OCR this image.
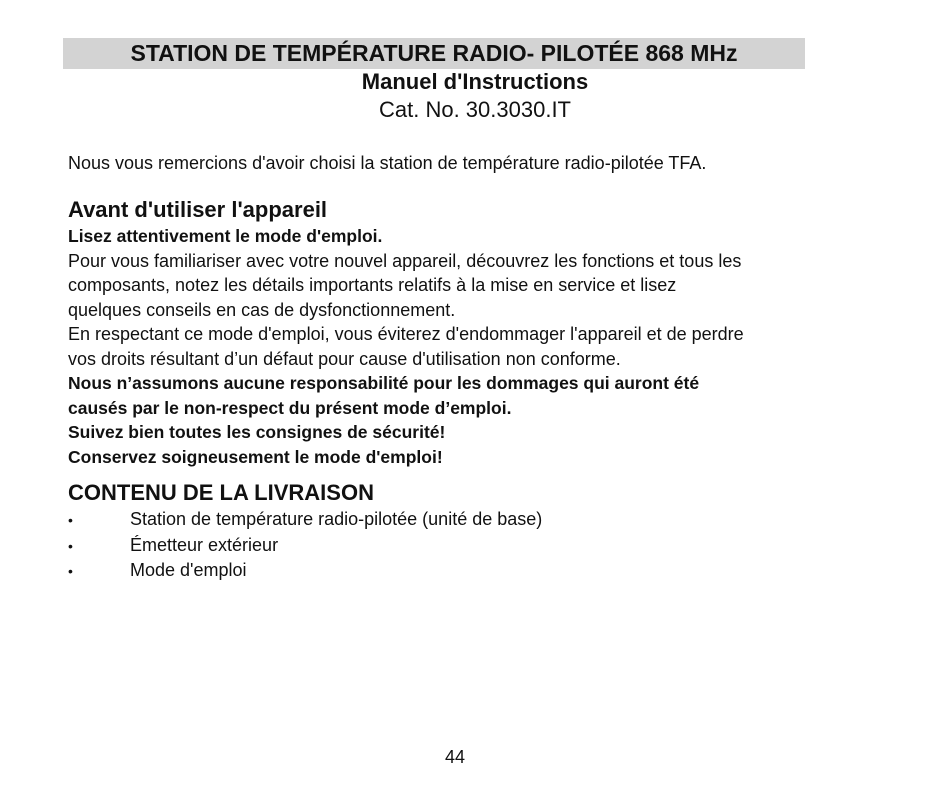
STATION DE TEMPÉRATURE RADIO- PILOTÉE 868 MHz
Manuel d'Instructions
Cat. No. 30.3030.IT
Nous vous remercions d'avoir choisi la station de température radio-pilotée TFA.
Avant d'utiliser l'appareil
Lisez attentivement le mode d'emploi.
Pour vous familiariser avec votre nouvel appareil, découvrez les fonctions et tous les
composants, notez les détails importants relatifs à la mise en service et lisez
quelques conseils en cas de dysfonctionnement.
En respectant ce mode d'emploi, vous éviterez d'endommager l'appareil et de perdre
vos droits résultant d’un défaut pour cause d'utilisation non conforme.
Nous n’assumons aucune responsabilité pour les dommages qui auront été
causés par le non-respect du présent mode d’emploi.
Suivez bien toutes les consignes de sécurité!
Conservez soigneusement le mode d'emploi!
CONTENU DE LA LIVRAISON
•	Station de température radio-pilotée (unité de base)
•	Émetteur extérieur
•	Mode d'emploi
44
